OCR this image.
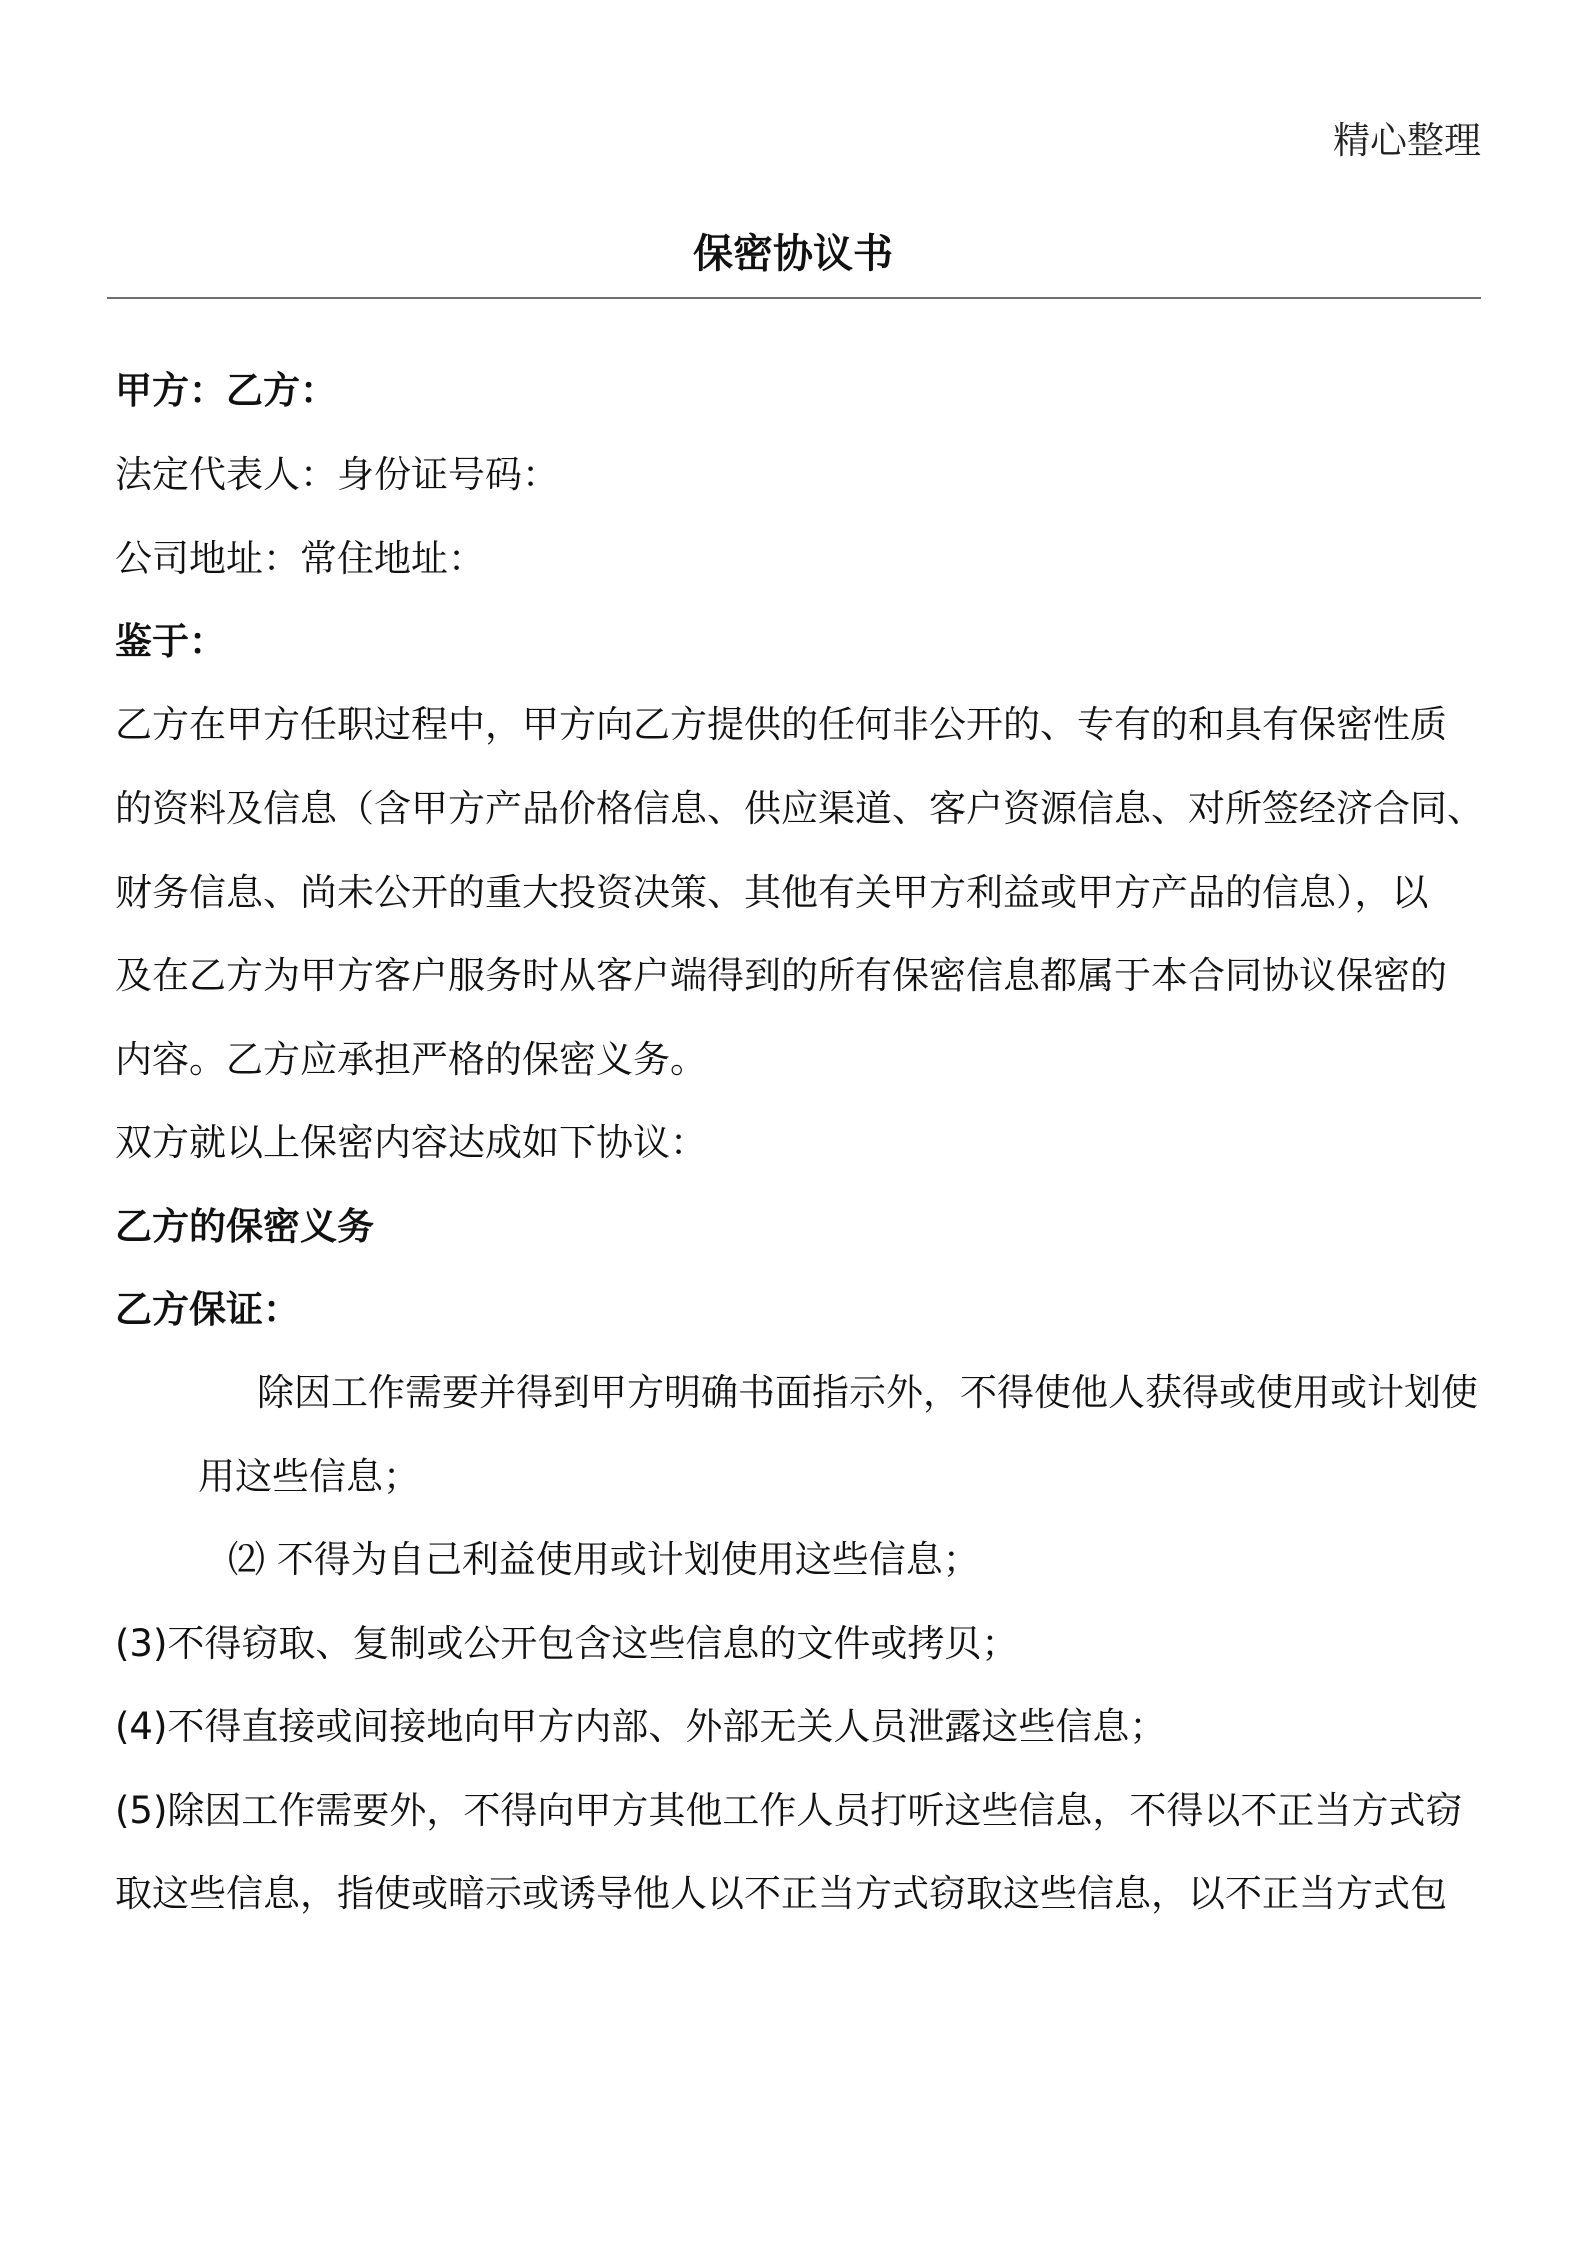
精心整理
保密协议书
甲方：乙方：
法定代表人：身份证号码：
公司地址：常住地址：
鉴于：
乙方在甲方任职过程中，甲方向乙方提供的任何非公开的、专有的和具有保密性质
的资料及信息（含甲方产品价格信息、供应渠道、客户资源信息、对所签经济合同、
财务信息、尚未公开的重大投资决策、其他有关甲方利益或甲方产品的信息），以
及在乙方为甲方客户服务时从客户端得到的所有保密信息都属于本合同协议保密的
内容。乙方应承担严格的保密义务。
双方就以上保密内容达成如下协议：
乙方的保密义务
乙方保证：
除因工作需要并得到甲方明确书面指示外，不得使他人获得或使用或计划使
用这些信息；
⑵ 不得为自己利益使用或计划使用这些信息；
(3)不得窃取、复制或公开包含这些信息的文件或拷贝；
(4)不得直接或间接地向甲方内部、外部无关人员泄露这些信息；
(5)除因工作需要外，不得向甲方其他工作人员打听这些信息，不得以不正当方式窃
取这些信息，指使或暗示或诱导他人以不正当方式窃取这些信息，以不正当方式包
